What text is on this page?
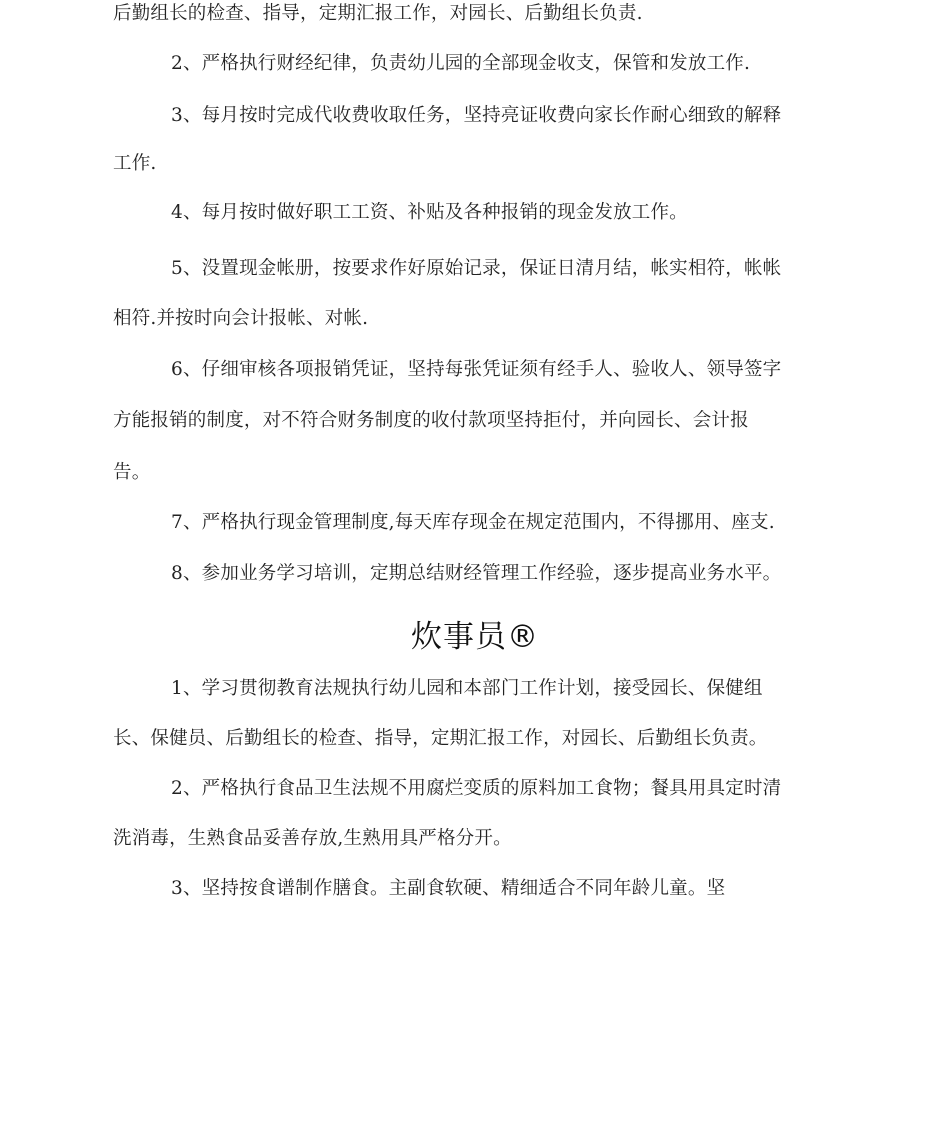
后勤组长的检查、指导，定期汇报工作，对园长、后勤组长负责.
2、严格执行财经纪律，负责幼儿园的全部现金收支，保管和发放工作.
3、每月按时完成代收费收取任务，坚持亮证收费向家长作耐心细致的解释
工作.
4、每月按时做好职工工资、补贴及各种报销的现金发放工作。
5、没置现金帐册，按要求作好原始记录，保证日清月结，帐实相符，帐帐
相符.并按时向会计报帐、对帐.
6、仔细审核各项报销凭证，坚持每张凭证须有经手人、验收人、领导签字
方能报销的制度，对不符合财务制度的收付款项坚持拒付，并向园长、会计报
告。
7、严格执行现金管理制度,每天库存现金在规定范围内，不得挪用、座支.
8、参加业务学习培训，定期总结财经管理工作经验，逐步提高业务水平。
炊事员®
1、学习贯彻教育法规执行幼儿园和本部门工作计划，接受园长、保健组
长、保健员、后勤组长的检查、指导，定期汇报工作，对园长、后勤组长负责。
2、严格执行食品卫生法规不用腐烂变质的原料加工食物；餐具用具定时清
洗消毒，生熟食品妥善存放,生熟用具严格分开。
3、坚持按食谱制作膳食。主副食软硬、精细适合不同年龄儿童。坚
